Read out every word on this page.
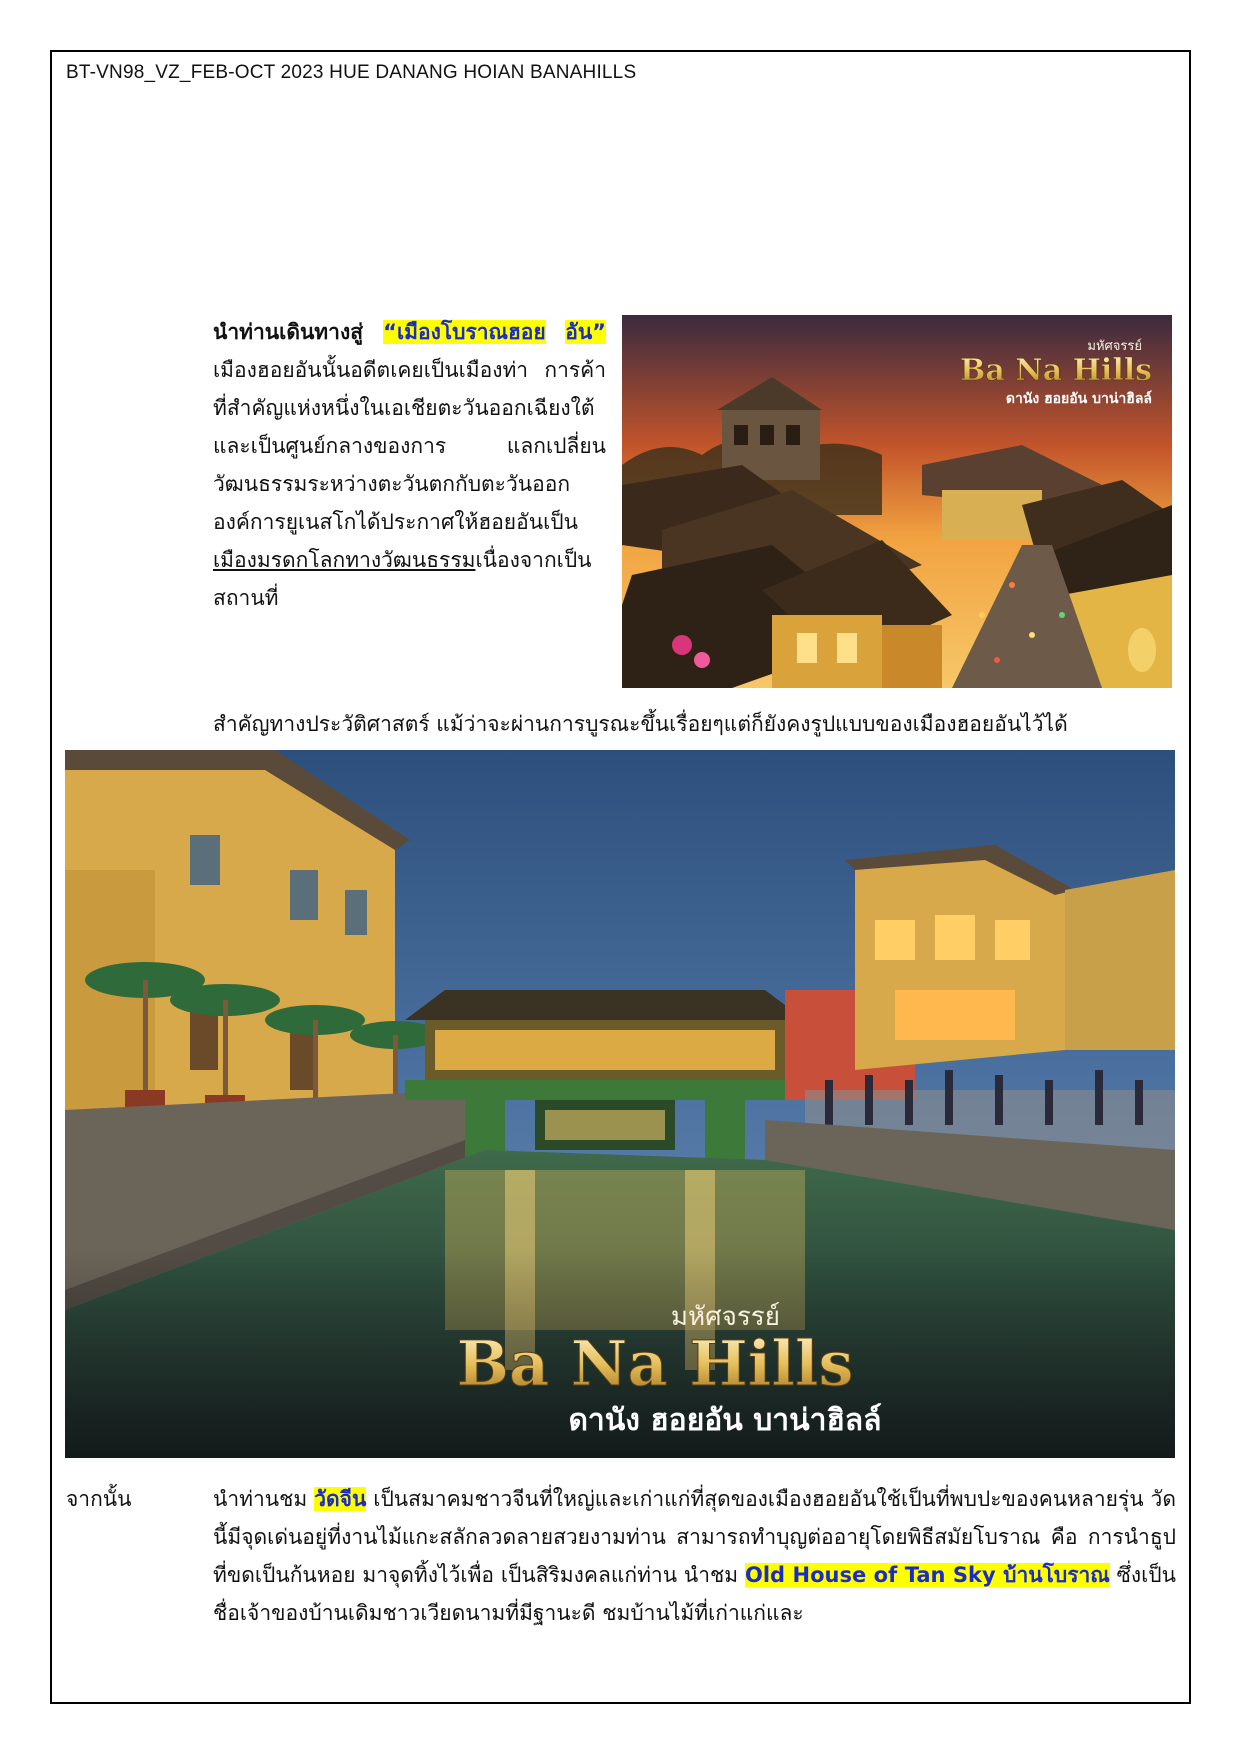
BT-VN98_VZ_FEB-OCT 2023 HUE DANANG HOIAN BANAHILLS
นำท่านเดินทางสู่ “เมืองโบราณฮอย อัน” เมืองฮอยอันนั้นอดีตเคยเป็นเมืองท่า การค้าที่สำคัญแห่งหนึ่งในเอเชียตะวันออกเฉียงใต้และเป็นศูนย์กลางของการ แลกเปลี่ยนวัฒนธรรมระหว่างตะวันตกกับตะวันออกองค์การยูเนสโกได้ประกาศให้ฮอยอันเป็นเมืองมรดกโลกทางวัฒนธรรมเนื่องจากเป็นสถานที่
สำคัญทางประวัติศาสตร์ แม้ว่าจะผ่านการบูรณะขึ้นเรื่อยๆแต่ก็ยังคงรูปแบบของเมืองฮอยอันไว้ได้
มหัศจรรย์
Ba Na Hills
ดานัง ฮอยอัน บาน่าฮิลล์
มหัศจรรย์
Ba Na Hills
ดานัง ฮอยอัน บาน่าฮิลล์
จากนั้น	นำท่านชม วัดจีน เป็นสมาคมชาวจีนที่ใหญ่และเก่าแก่ที่สุดของเมืองฮอยอันใช้เป็นที่พบปะของคนหลายรุ่น วัดนี้มีจุดเด่นอยู่ที่งานไม้แกะสลักลวดลายสวยงามท่าน สามารถทำบุญต่ออายุโดยพิธีสมัยโบราณ คือ การนำธูปที่ขดเป็นก้นหอย มาจุดทิ้งไว้เพื่อ เป็นสิริมงคลแก่ท่าน นำชม Old House of Tan Sky บ้านโบราณ ซึ่งเป็นชื่อเจ้าของบ้านเดิมชาวเวียดนามที่มีฐานะดี ชมบ้านไม้ที่เก่าแก่และ
